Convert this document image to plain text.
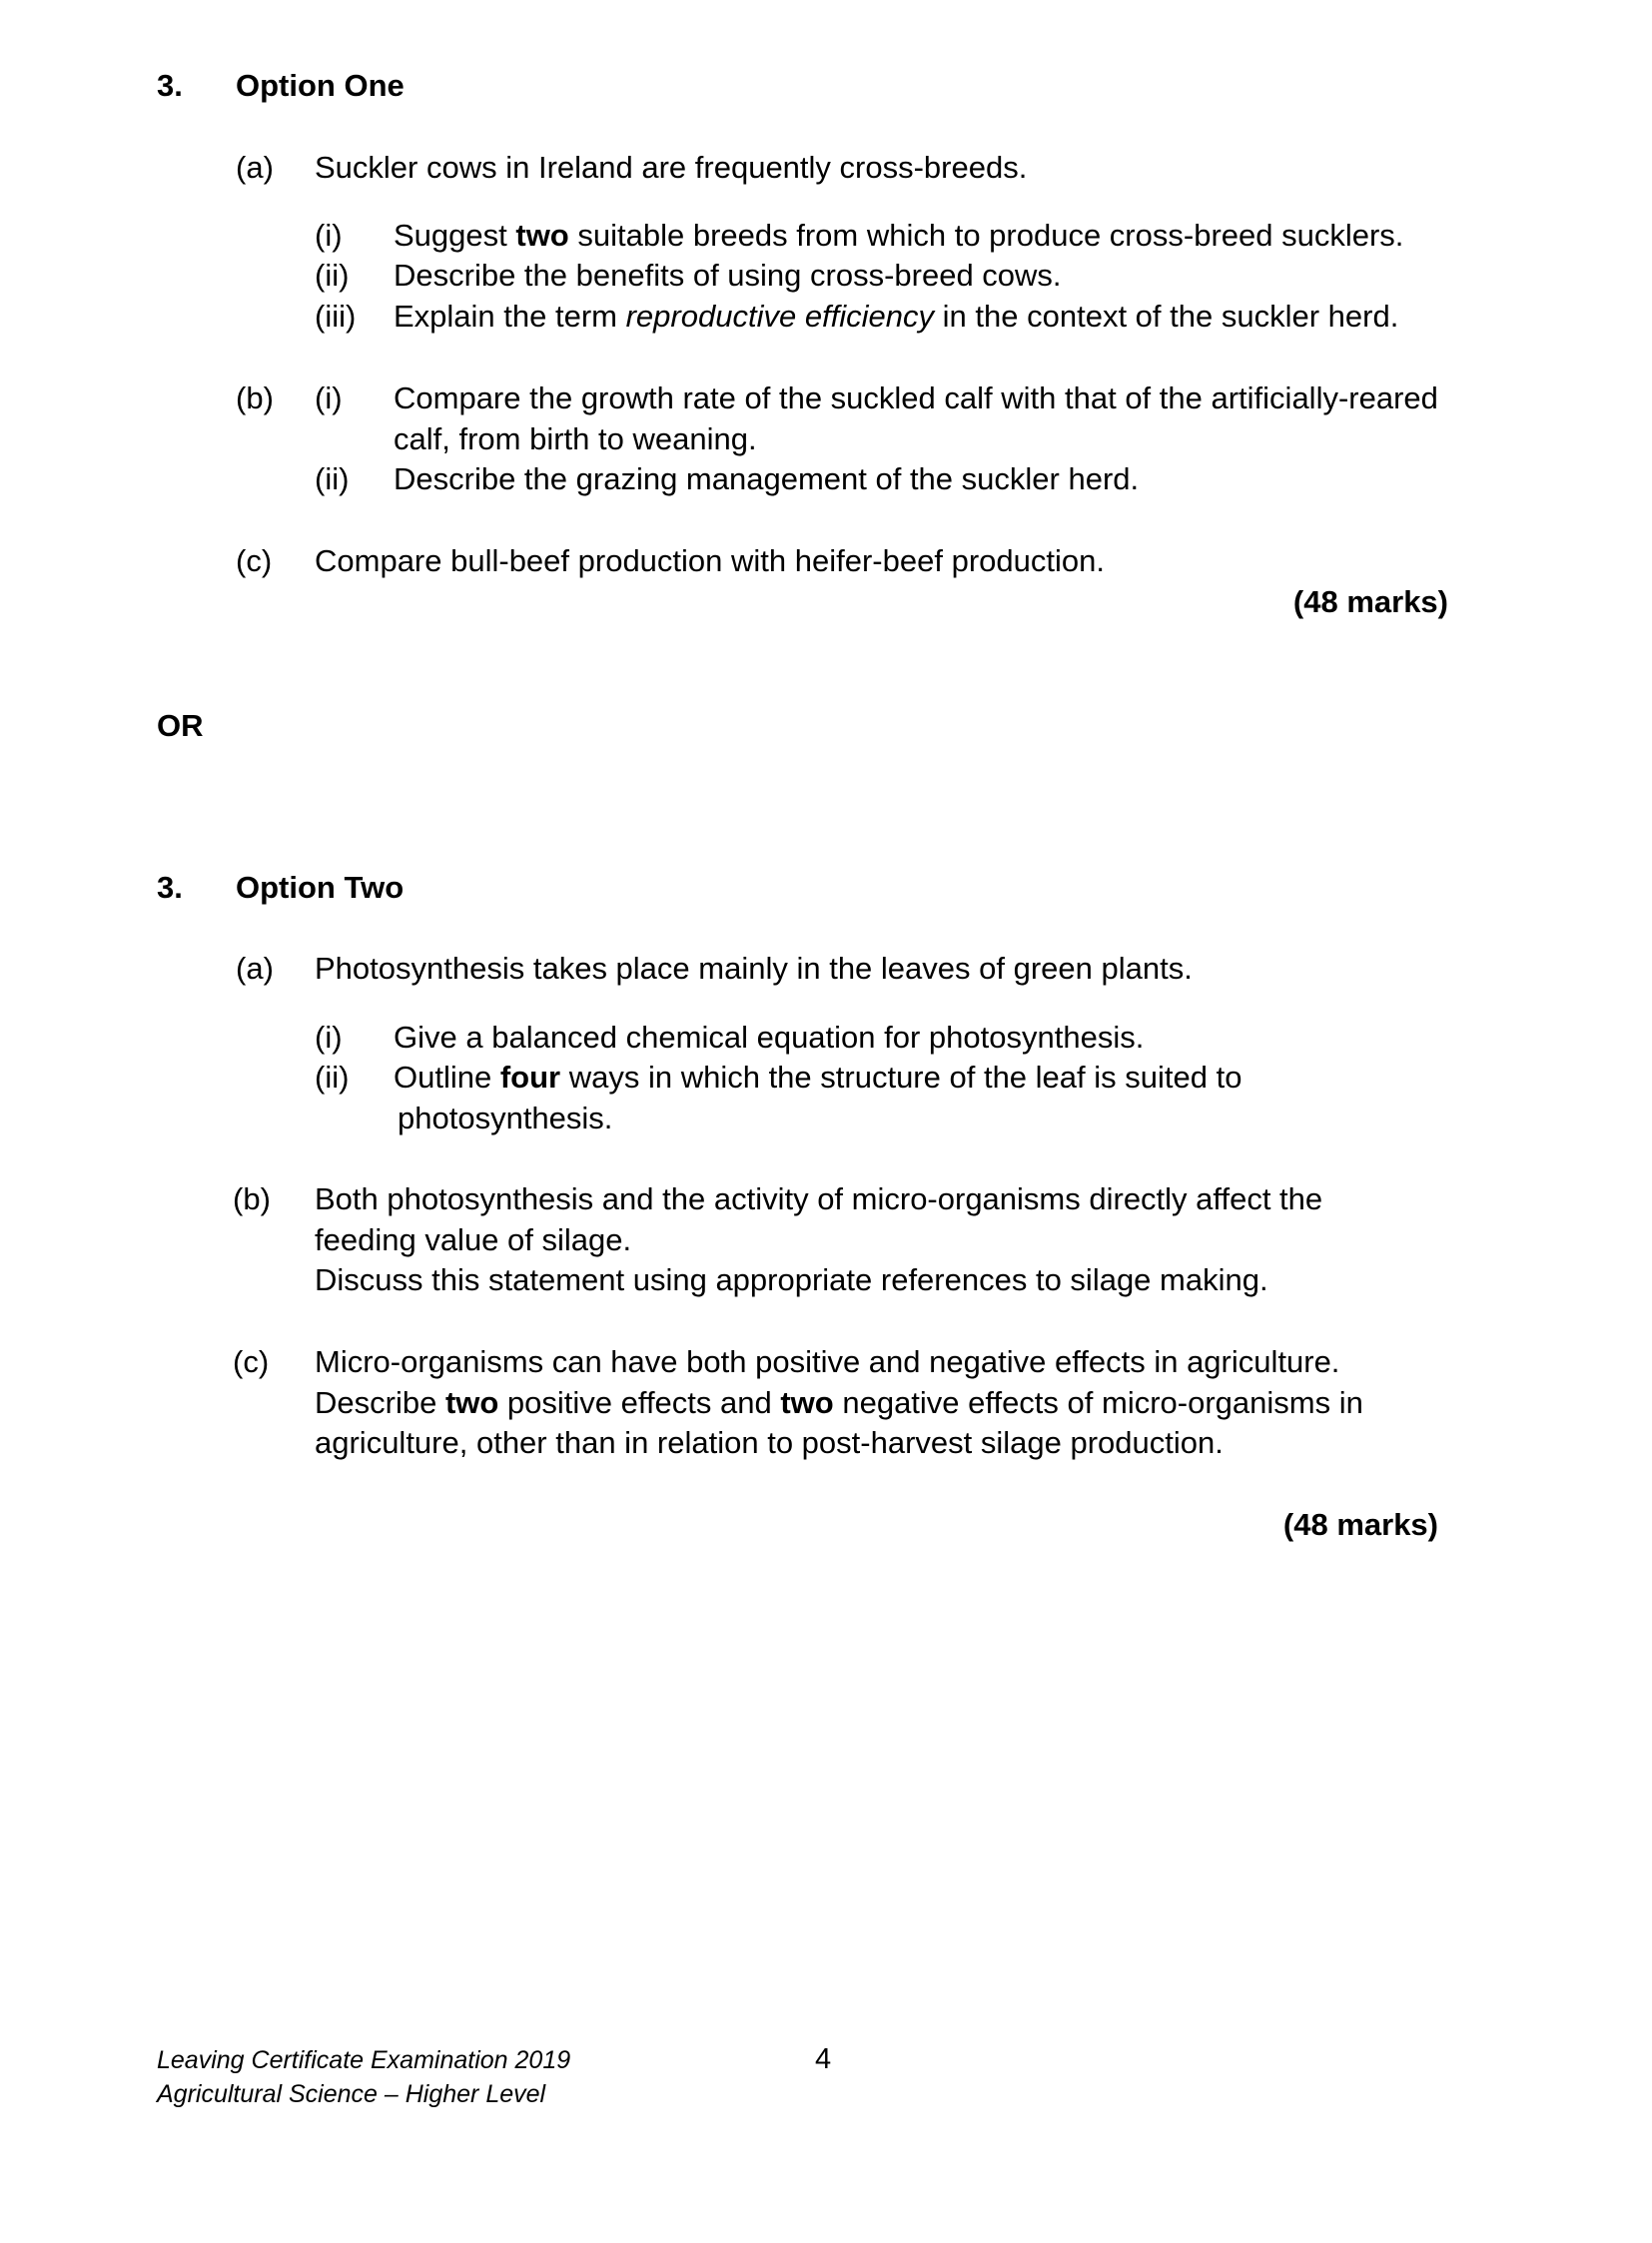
3. Option One
(a) Suckler cows in Ireland are frequently cross-breeds.
(i) Suggest two suitable breeds from which to produce cross-breed sucklers.
(ii) Describe the benefits of using cross-breed cows.
(iii) Explain the term reproductive efficiency in the context of the suckler herd.
(b) (i) Compare the growth rate of the suckled calf with that of the artificially-reared
calf, from birth to weaning.
(ii) Describe the grazing management of the suckler herd.
(c) Compare bull-beef production with heifer-beef production.
(48 marks)
OR
3. Option Two
(a) Photosynthesis takes place mainly in the leaves of green plants.
(i) Give a balanced chemical equation for photosynthesis.
(ii) Outline four ways in which the structure of the leaf is suited to
photosynthesis.
(b) Both photosynthesis and the activity of micro-organisms directly affect the
feeding value of silage.
Discuss this statement using appropriate references to silage making.
(c) Micro-organisms can have both positive and negative effects in agriculture.
Describe two positive effects and two negative effects of micro-organisms in
agriculture, other than in relation to post-harvest silage production.
(48 marks)
Leaving Certificate Examination 2019
Agricultural Science – Higher Level
4
